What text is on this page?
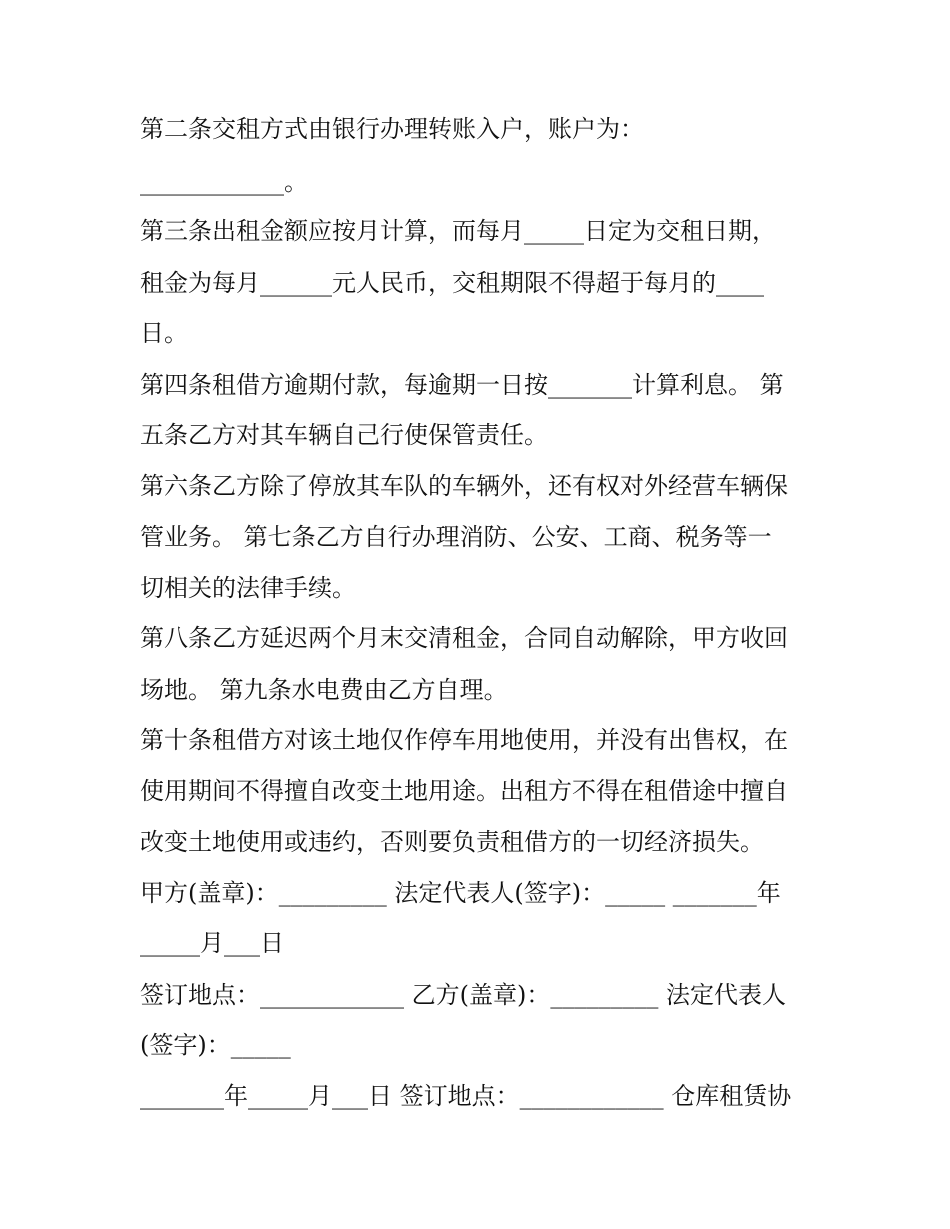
第二条交租方式由银行办理转账入户，账户为：
____________。
第三条出租金额应按月计算，而每月_____日定为交租日期，
租金为每月______元人民币，交租期限不得超于每月的____
日。
第四条租借方逾期付款，每逾期一日按_______计算利息。 第
五条乙方对其车辆自己行使保管责任。
第六条乙方除了停放其车队的车辆外，还有权对外经营车辆保
管业务。 第七条乙方自行办理消防、公安、工商、税务等一
切相关的法律手续。
第八条乙方延迟两个月末交清租金，合同自动解除，甲方收回
场地。 第九条水电费由乙方自理。
第十条租借方对该土地仅作停车用地使用，并没有出售权，在
使用期间不得擅自改变土地用途。出租方不得在租借途中擅自
改变土地使用或违约，否则要负责租借方的一切经济损失。
甲方(盖章)：_________ 法定代表人(签字)：_____ _______年
_____月___日
签订地点：____________ 乙方(盖章)：_________ 法定代表人
(签字)：_____
_______年_____月___日 签订地点：____________ 仓库租赁协
